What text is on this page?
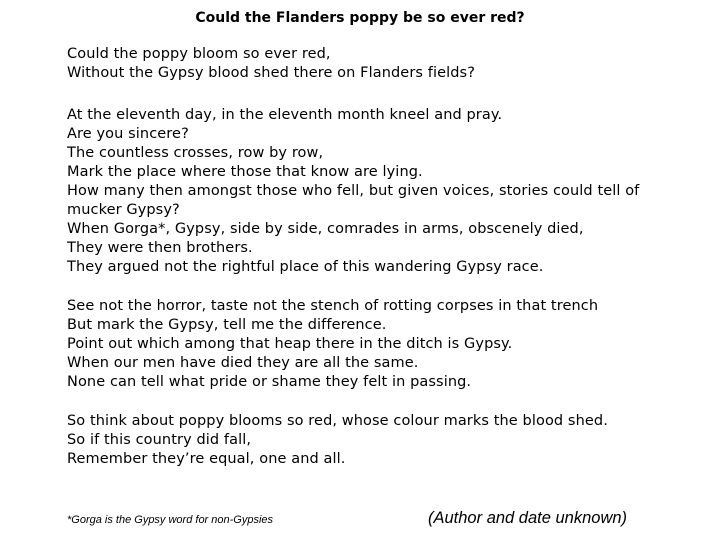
Could the Flanders poppy be so ever red?
Could the poppy bloom so ever red,
Without the Gypsy blood shed there on Flanders fields?
At the eleventh day, in the eleventh month kneel and pray.
Are you sincere?
The countless crosses, row by row,
Mark the place where those that know are lying.
How many then amongst those who fell, but given voices, stories could tell of
mucker Gypsy?
When Gorga*, Gypsy, side by side, comrades in arms, obscenely died,
They were then brothers.
They argued not the rightful place of this wandering Gypsy race.
See not the horror, taste not the stench of rotting corpses in that trench
But mark the Gypsy, tell me the difference.
Point out which among that heap there in the ditch is Gypsy.
When our men have died they are all the same.
None can tell what pride or shame they felt in passing.
So think about poppy blooms so red, whose colour marks the blood shed.
So if this country did fall,
Remember they’re equal, one and all.
*Gorga is the Gypsy word for non-Gypsies	(Author and date unknown)
